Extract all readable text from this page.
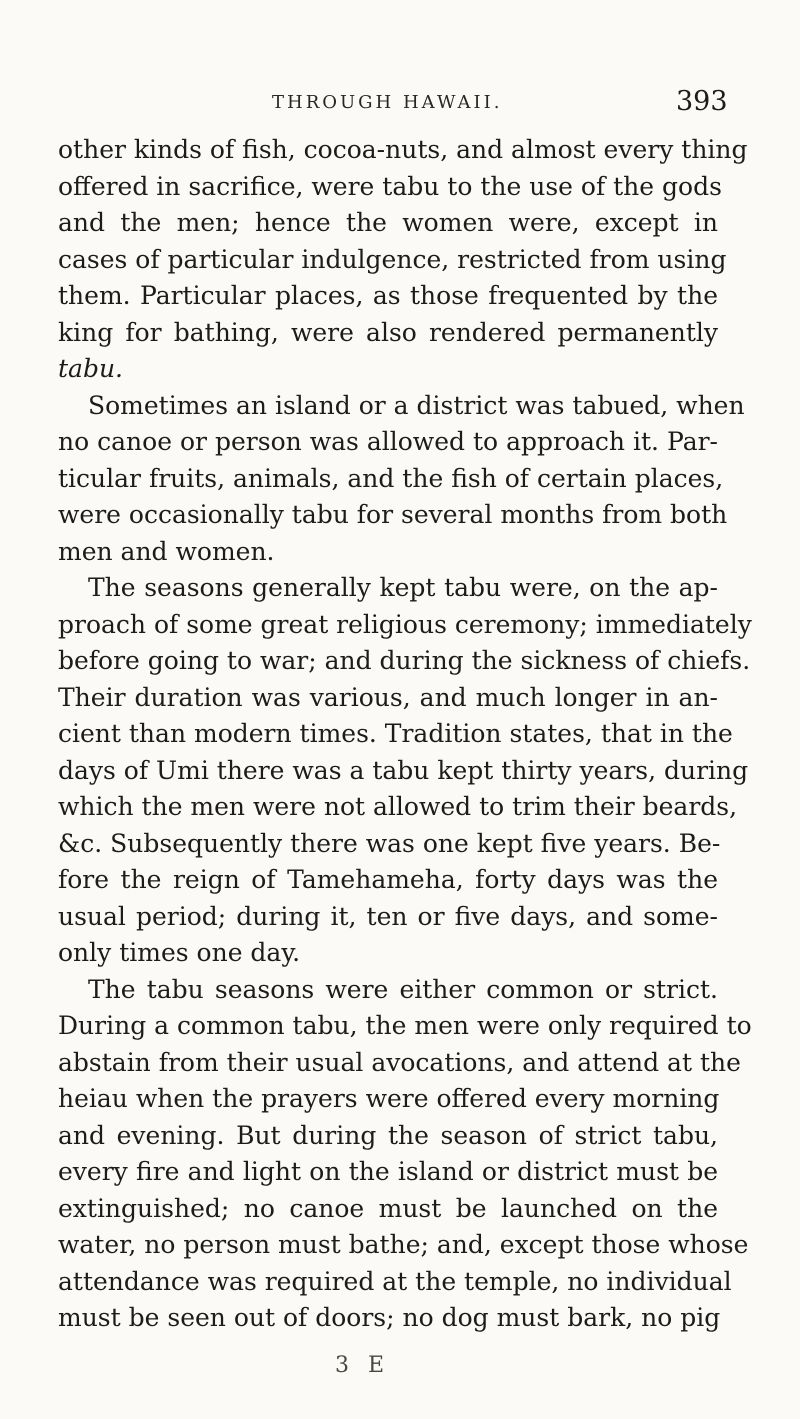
THROUGH HAWAII.	393
other kinds of fish, cocoa-nuts, and almost every thing
offered in sacrifice, were tabu to the use of the gods
and the men; hence the women were, except in
cases of particular indulgence, restricted from using
them. Particular places, as those frequented by the
king for bathing, were also rendered permanently
tabu.
Sometimes an island or a district was tabued, when
no canoe or person was allowed to approach it. Par-
ticular fruits, animals, and the fish of certain places,
were occasionally tabu for several months from both
men and women.
The seasons generally kept tabu were, on the ap-
proach of some great religious ceremony; immediately
before going to war; and during the sickness of chiefs.
Their duration was various, and much longer in an-
cient than modern times. Tradition states, that in the
days of Umi there was a tabu kept thirty years, during
which the men were not allowed to trim their beards,
&c. Subsequently there was one kept five years. Be-
fore the reign of Tamehameha, forty days was the
usual period; during it, ten or five days, and some-
only times one day.
The tabu seasons were either common or strict.
During a common tabu, the men were only required to
abstain from their usual avocations, and attend at the
heiau when the prayers were offered every morning
and evening. But during the season of strict tabu,
every fire and light on the island or district must be
extinguished; no canoe must be launched on the
water, no person must bathe; and, except those whose
attendance was required at the temple, no individual
must be seen out of doors; no dog must bark, no pig
3 E
